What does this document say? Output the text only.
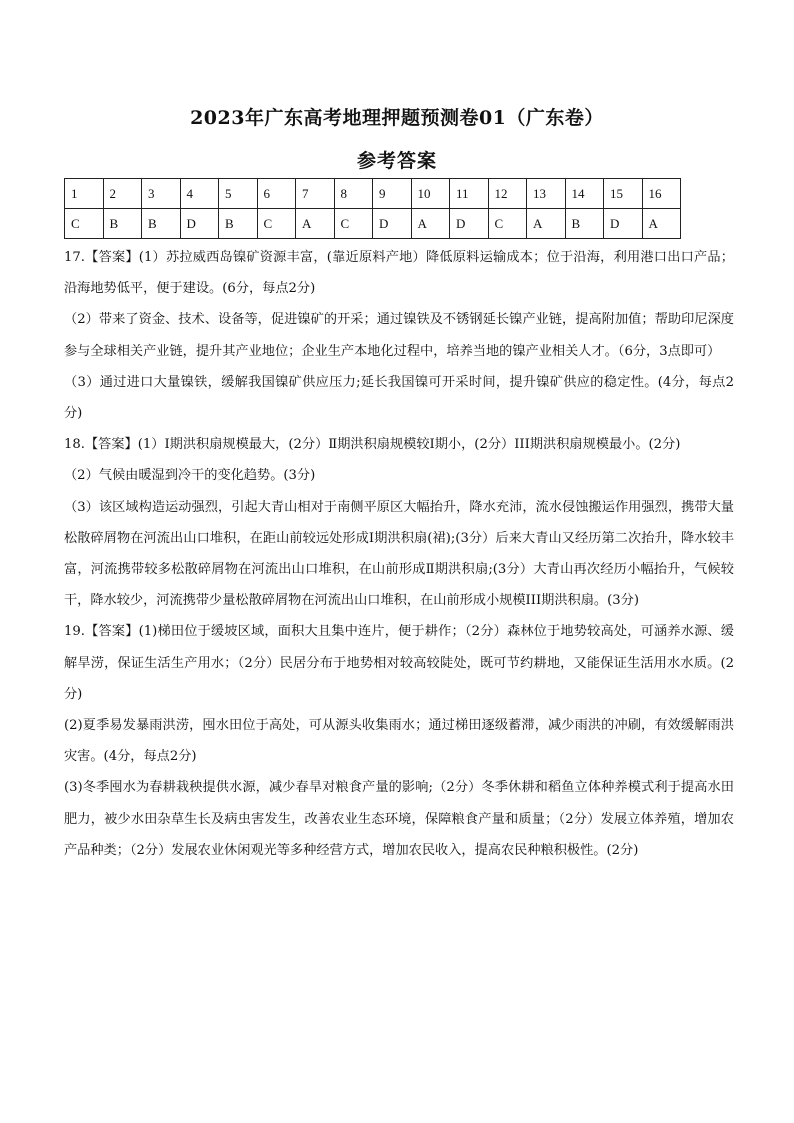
2023年广东高考地理押题预测卷01（广东卷）
参考答案
1	2	3	4	5	6	7	8	9	10	11	12	13	14	15	16
C	B	B	D	B	C	A	C	D	A	D	C	A	B	D	A

17.【答案】(1）苏拉威西岛镍矿资源丰富，(靠近原料产地）降低原料运输成本；位于沿海，利用港口出口产品；沿海地势低平，便于建设。(6分，每点2分)

（2）带来了资金、技术、设备等，促进镍矿的开采；通过镍铁及不锈钢延长镍产业链，提高附加值；帮助印尼深度参与全球相关产业链，提升其产业地位；企业生产本地化过程中，培养当地的镍产业相关人才。（6分，3点即可）

（3）通过进口大量镍铁，缓解我国镍矿供应压力;延长我国镍可开采时间，提升镍矿供应的稳定性。(4分，每点2分)

18.【答案】(1）I期洪积扇规模最大，(2分）Ⅱ期洪积扇规模较I期小，(2分）III期洪积扇规模最小。(2分)

（2）气候由暖湿到冷干的变化趋势。(3分)

（3）该区域构造运动强烈，引起大青山相对于南侧平原区大幅抬升，降水充沛，流水侵蚀搬运作用强烈，携带大量松散碎屑物在河流出山口堆积，在距山前较远处形成I期洪积扇(裙);(3分）后来大青山又经历第二次抬升，降水较丰富，河流携带较多松散碎屑物在河流出山口堆积，在山前形成Ⅱ期洪积扇;(3分）大青山再次经历小幅抬升，气候较干，降水较少，河流携带少量松散碎屑物在河流出山口堆积，在山前形成小规模III期洪积扇。(3分)

19.【答案】(1)梯田位于缓坡区域，面积大且集中连片，便于耕作；（2分）森林位于地势较高处，可涵养水源、缓解旱涝，保证生活生产用水；（2分）民居分布于地势相对较高较陡处，既可节约耕地，又能保证生活用水水质。(2分)

(2)夏季易发暴雨洪涝，囤水田位于高处，可从源头收集雨水；通过梯田逐级蓄滞，减少雨洪的冲刷，有效缓解雨洪灾害。(4分，每点2分)

(3)冬季囤水为春耕栽秧提供水源，减少春旱对粮食产量的影响;（2分）冬季休耕和稻鱼立体种养模式利于提高水田肥力，被少水田杂草生长及病虫害发生，改善农业生态环境，保障粮食产量和质量；（2分）发展立体养殖，增加农产品种类；（2分）发展农业休闲观光等多种经营方式，增加农民收入，提高农民种粮积极性。(2分)
